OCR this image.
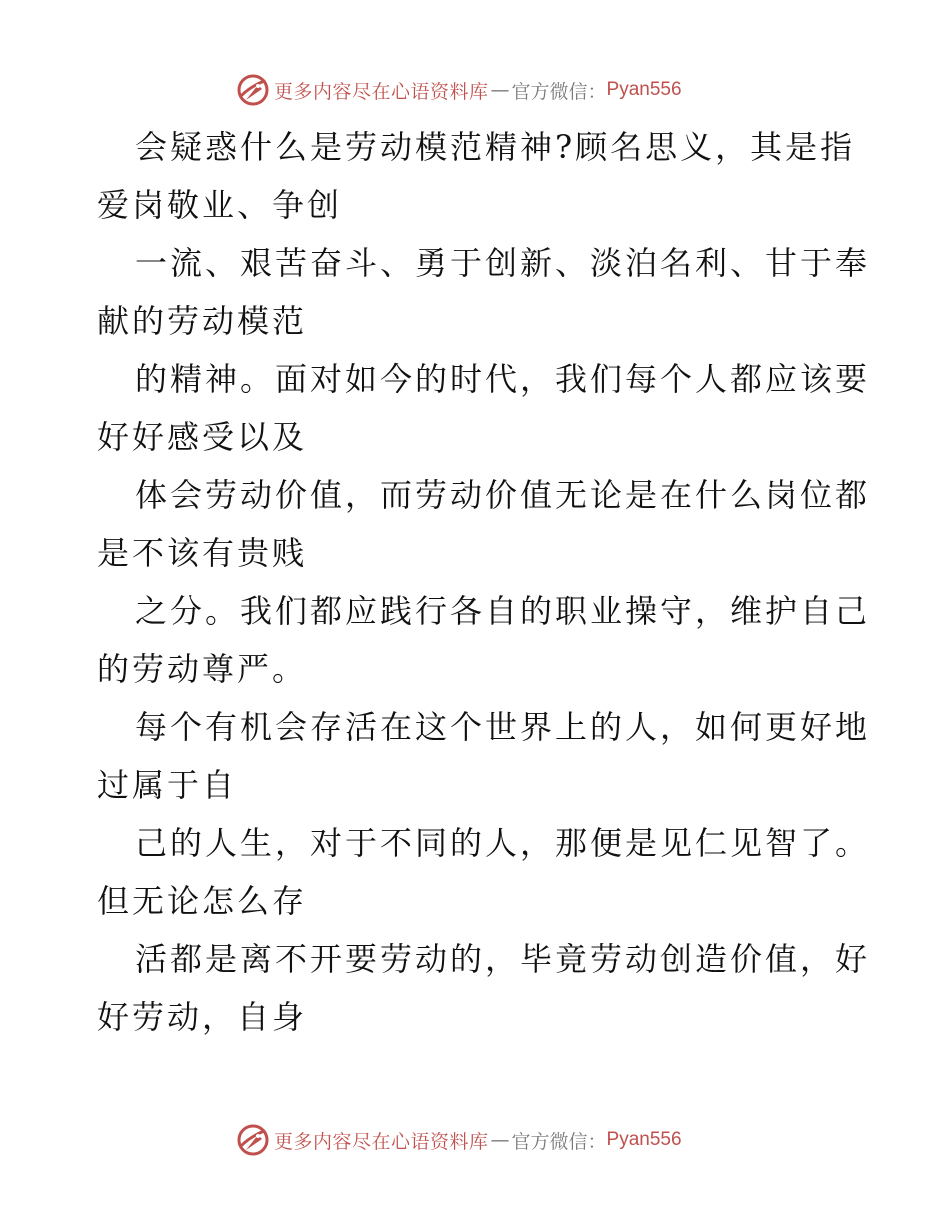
更多内容尽在心语资料库 — 官方微信： Pyan556
会疑惑什么是劳动模范精神?顾名思义，其是指
爱岗敬业、争创
一流、艰苦奋斗、勇于创新、淡泊名利、甘于奉
献的劳动模范
的精神。面对如今的时代，我们每个人都应该要
好好感受以及
体会劳动价值，而劳动价值无论是在什么岗位都
是不该有贵贱
之分。我们都应践行各自的职业操守，维护自己
的劳动尊严。
每个有机会存活在这个世界上的人，如何更好地
过属于自
己的人生，对于不同的人，那便是见仁见智了。
但无论怎么存
活都是离不开要劳动的，毕竟劳动创造价值，好
好劳动，自身
更多内容尽在心语资料库 — 官方微信： Pyan556
